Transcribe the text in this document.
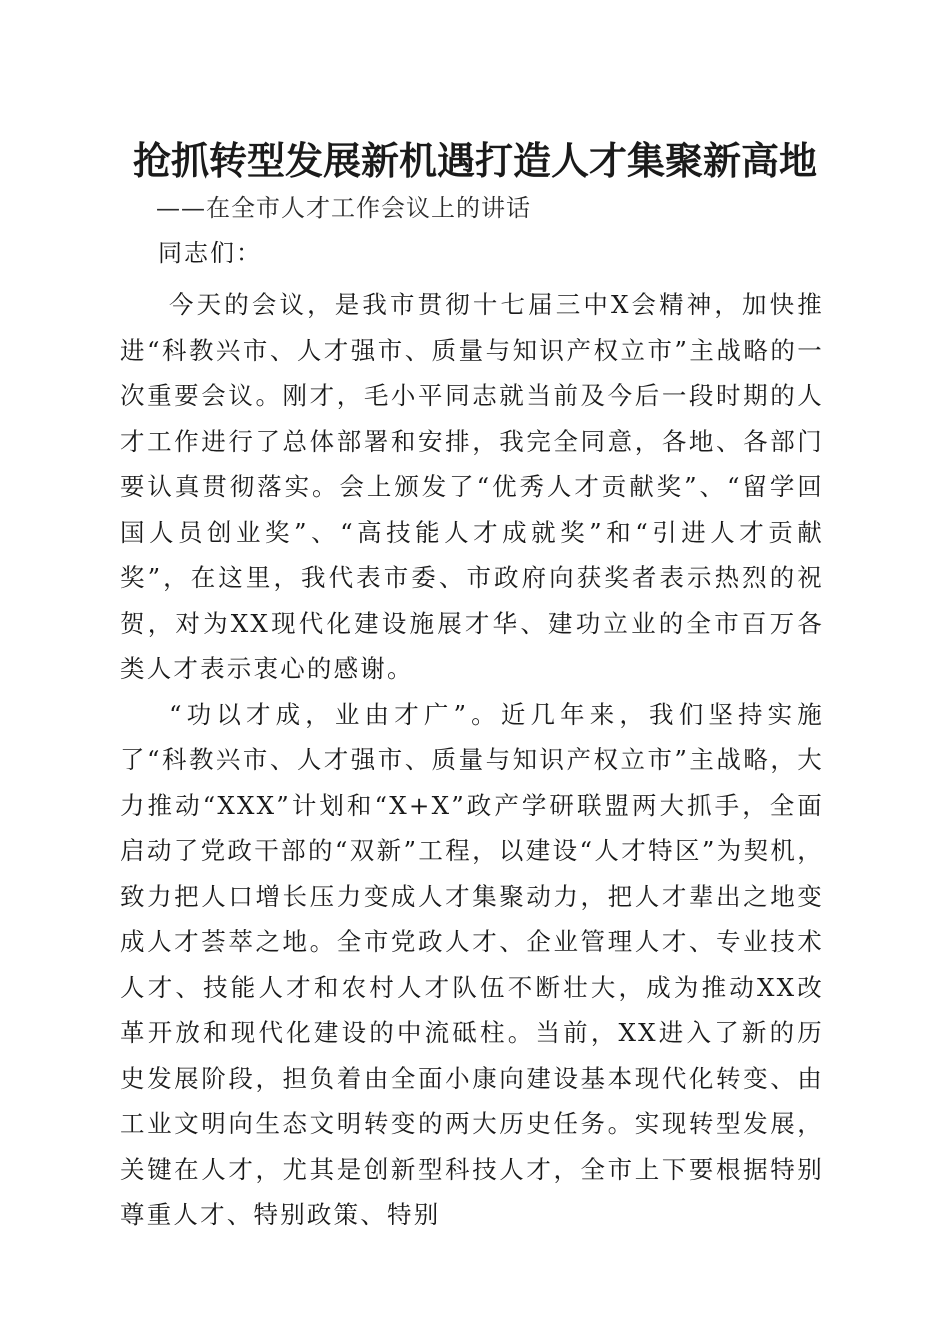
抢抓转型发展新机遇打造人才集聚新高地
——在全市人才工作会议上的讲话
同志们：

今天的会议，是我市贯彻十七届三中X会精神，加快推进“科教兴市、人才强市、质量与知识产权立市”主战略的一次重要会议。刚才，毛小平同志就当前及今后一段时期的人才工作进行了总体部署和安排，我完全同意，各地、各部门要认真贯彻落实。会上颁发了“优秀人才贡献奖”、“留学回国人员创业奖”、“高技能人才成就奖”和“引进人才贡献奖”，在这里，我代表市委、市政府向获奖者表示热烈的祝贺，对为XX现代化建设施展才华、建功立业的全市百万各类人才表示衷心的感谢。

“功以才成，业由才广”。近几年来，我们坚持实施了“科教兴市、人才强市、质量与知识产权立市”主战略，大力推动“XXX”计划和“X+X”政产学研联盟两大抓手，全面启动了党政干部的“双新”工程，以建设“人才特区”为契机，致力把人口增长压力变成人才集聚动力，把人才辈出之地变成人才荟萃之地。全市党政人才、企业管理人才、专业技术人才、技能人才和农村人才队伍不断壮大，成为推动XX改革开放和现代化建设的中流砥柱。当前，XX进入了新的历史发展阶段，担负着由全面小康向建设基本现代化转变、由工业文明向生态文明转变的两大历史任务。实现转型发展，关键在人才，尤其是创新型科技人才，全市上下要根据特别尊重人才、特别政策、特别
